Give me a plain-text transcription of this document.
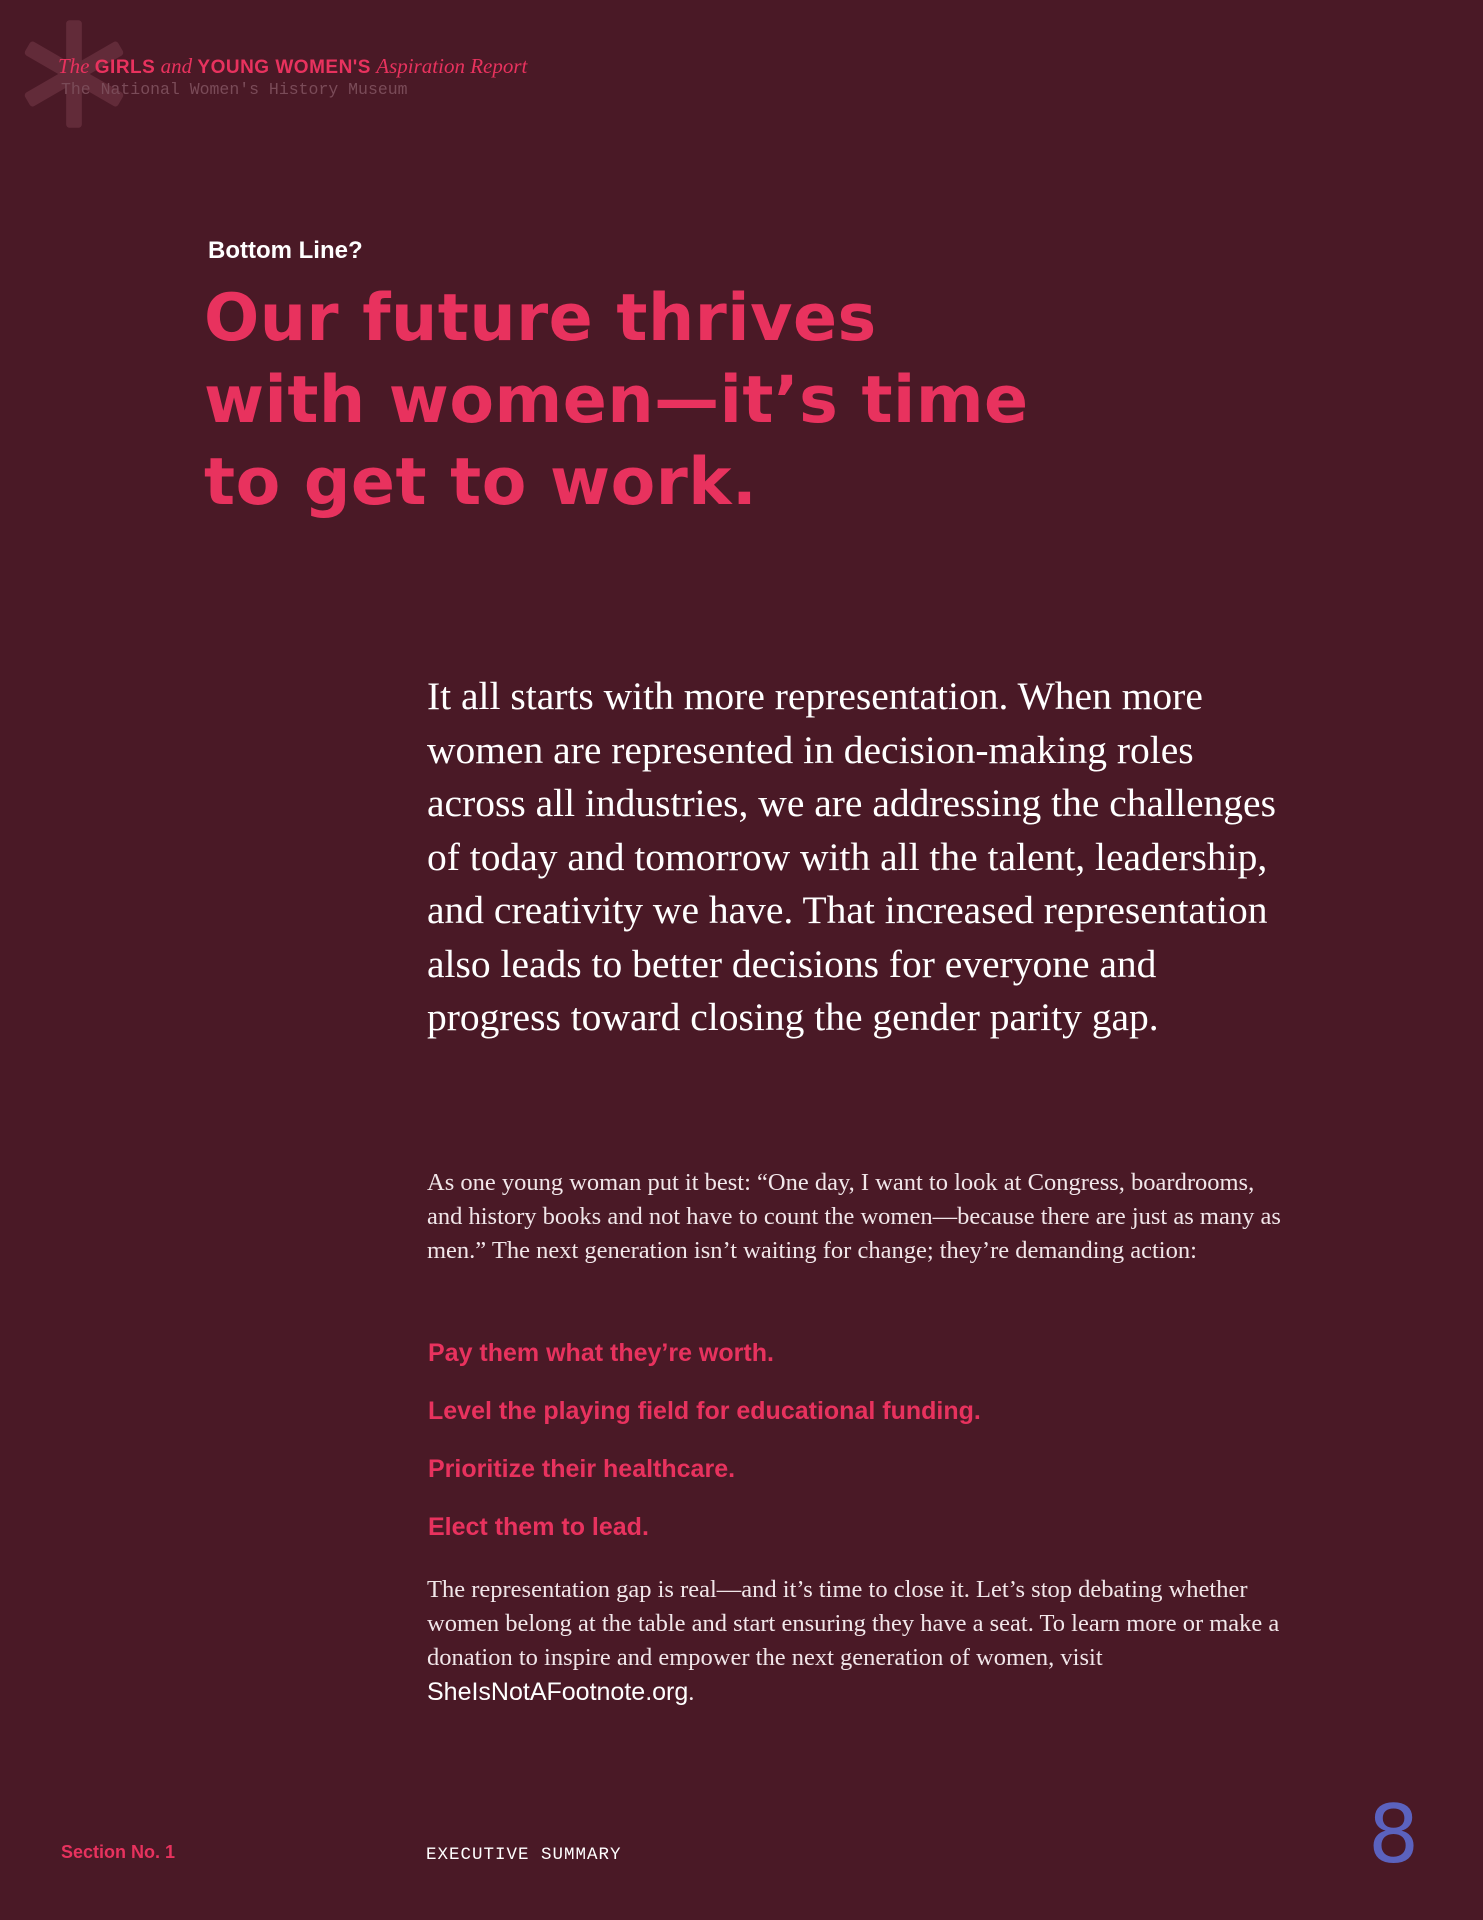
The GIRLS and YOUNG WOMEN'S Aspiration Report
The National Women's History Museum
Bottom Line?
Our future thrives
with women—it’s time
to get to work.

It all starts with more representation. When more women are represented in decision-making roles across all industries, we are addressing the challenges of today and tomorrow with all the talent, leadership, and creativity we have. That increased representation also leads to better decisions for everyone and progress toward closing the gender parity gap.

As one young woman put it best: “One day, I want to look at Congress, boardrooms, and history books and not have to count the women—because there are just as many as men.” The next generation isn’t waiting for change; they’re demanding action:

Pay them what they’re worth.
Level the playing field for educational funding.
Prioritize their healthcare.
Elect them to lead.

The representation gap is real—and it’s time to close it. Let’s stop debating whether women belong at the table and start ensuring they have a seat. To learn more or make a donation to inspire and empower the next generation of women, visit SheIsNotAFootnote.org.

Section No. 1	EXECUTIVE SUMMARY	8
